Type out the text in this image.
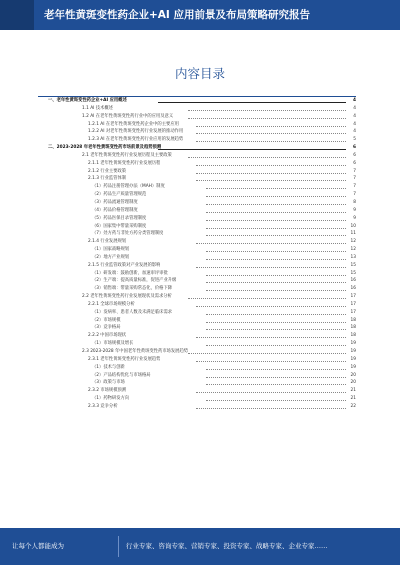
老年性黄斑变性药企业+AI 应用前景及布局策略研究报告
内容目录
一、老年性黄斑变性药企业+AI 应用概述	4
1.1 AI 技术概述	4
1.2 AI 在老年性黄斑变性药行业中的应用及意义	4
1.2.1 AI 在老年性黄斑变性药企业中的主要应用	4
1.2.2 AI 对老年性黄斑变性药行业发展的推动作用	4
1.2.3 AI 在老年性黄斑变性药行业应用的发展趋势	5
二、2023-2028 年老年性黄斑变性药市场前景及趋势预测	6
2.1 老年性黄斑变性药行业发展历程及主要政策	6
2.1.1 老年性黄斑变性药行业发展历程	6
2.1.2 行业主要政策	7
2.1.3 行业监管体制	7
（1）药品注册管理办法（MAH）制度	7
（2）药品生产质量管理规范	7
（3）药品流通管理制度	8
（4）药品价格管理制度	9
（5）药品医保目录管理制度	9
（6）国家集中带量采购制度	10
（7）处方药与非处方药分类管理制度	11
2.1.4 行业发展规划	12
（1）国家战略规划	12
（2）地方产业规划	13
2.1.5 行业监管政策对产业发展的影响	15
（1）研发端：鼓励创新，加速审评审批	15
（2）生产端：提高质量标准，促进产业升级	16
（3）销售端：带量采购常态化，价格下降	16
2.2 老年性黄斑变性药行业发展现状及需求分析	17
2.2.1 全球市场规模分析	17
（1）发病率、患者人数及未满足临床需求	17
（2）市场规模	18
（3）竞争格局	18
2.2.2 中国市场现状	18
（1）市场规模及增长	19
2.3 2023-2028 年中国老年性黄斑变性药市场发展趋势	19
2.3.1 老年性黄斑变性药行业发展趋势	19
（1）技术与创新	19
（2）产品结构优化与市场格局	20
（3）政策与市场	20
2.3.2 市场规模预测	21
（1）药物研发方向	21
2.3.3 竞争分析	22
让每个人都能成为	行业专家、咨询专家、营销专家、投资专家、战略专家、企业专家……
